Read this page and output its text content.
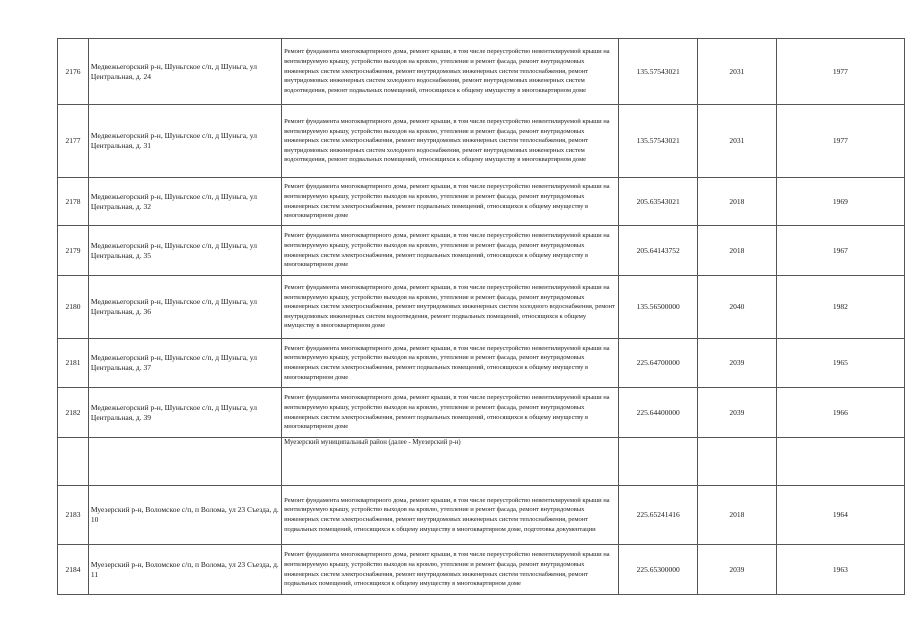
2176	Медвежьегорский р-н, Шуньгское с/п, д Шуньга, ул Центральная, д. 24	Ремонт фундамента многоквартирного дома, ремонт крыши, в том числе переустройство невентилируемой крыши на вентилируемую крышу, устройство выходов на кровлю, утепление и ремонт фасада, ремонт внутридомовых инженерных систем электроснабжения, ремонт внутридомовых инженерных систем теплоснабжения, ремонт внутридомовых инженерных систем холодного водоснабжения, ремонт внутридомовых инженерных систем водоотведения, ремонт подвальных помещений, относящихся к общему имуществу в многоквартирном доме	135.57543021	2031	1977
2177	Медвежьегорский р-н, Шуньгское с/п, д Шуньга, ул Центральная, д. 31	Ремонт фундамента многоквартирного дома, ремонт крыши, в том числе переустройство невентилируемой крыши на вентилируемую крышу, устройство выходов на кровлю, утепление и ремонт фасада, ремонт внутридомовых инженерных систем электроснабжения, ремонт внутридомовых инженерных систем теплоснабжения, ремонт внутридомовых инженерных систем холодного водоснабжения, ремонт внутридомовых инженерных систем водоотведения, ремонт подвальных помещений, относящихся к общему имуществу в многоквартирном доме	135.57543021	2031	1977
2178	Медвежьегорский р-н, Шуньгское с/п, д Шуньга, ул Центральная, д. 32	Ремонт фундамента многоквартирного дома, ремонт крыши, в том числе переустройство невентилируемой крыши на вентилируемую крышу, устройство выходов на кровлю, утепление и ремонт фасада, ремонт внутридомовых инженерных систем электроснабжения, ремонт подвальных помещений, относящихся к общему имуществу в многоквартирном доме	205.63543021	2018	1969
2179	Медвежьегорский р-н, Шуньгское с/п, д Шуньга, ул Центральная, д. 35	Ремонт фундамента многоквартирного дома, ремонт крыши, в том числе переустройство невентилируемой крыши на вентилируемую крышу, устройство выходов на кровлю, утепление и ремонт фасада, ремонт внутридомовых инженерных систем электроснабжения, ремонт подвальных помещений, относящихся к общему имуществу в многоквартирном доме	205.64143752	2018	1967
2180	Медвежьегорский р-н, Шуньгское с/п, д Шуньга, ул Центральная, д. 36	Ремонт фундамента многоквартирного дома, ремонт крыши, в том числе переустройство невентилируемой крыши на вентилируемую крышу, устройство выходов на кровлю, утепление и ремонт фасада, ремонт внутридомовых инженерных систем электроснабжения, ремонт внутридомовых инженерных систем холодного водоснабжения, ремонт внутридомовых инженерных систем водоотведения, ремонт подвальных помещений, относящихся к общему имуществу в многоквартирном доме	135.56500000	2040	1982
2181	Медвежьегорский р-н, Шуньгское с/п, д Шуньга, ул Центральная, д. 37	Ремонт фундамента многоквартирного дома, ремонт крыши, в том числе переустройство невентилируемой крыши на вентилируемую крышу, устройство выходов на кровлю, утепление и ремонт фасада, ремонт внутридомовых инженерных систем электроснабжения, ремонт подвальных помещений, относящихся к общему имуществу в многоквартирном доме	225.64700000	2039	1965
2182	Медвежьегорский р-н, Шуньгское с/п, д Шуньга, ул Центральная, д. 39	Ремонт фундамента многоквартирного дома, ремонт крыши, в том числе переустройство невентилируемой крыши на вентилируемую крышу, устройство выходов на кровлю, утепление и ремонт фасада, ремонт внутридомовых инженерных систем электроснабжения, ремонт подвальных помещений, относящихся к общему имуществу в многоквартирном доме	225.64400000	2039	1966
		Муезерский муниципальный район (далее - Муезерский р-н)			
2183	Муезерский р-н, Воломское с/п, п Волома, ул 23 Съезда, д. 10	Ремонт фундамента многоквартирного дома, ремонт крыши, в том числе переустройство невентилируемой крыши на вентилируемую крышу, устройство выходов на кровлю, утепление и ремонт фасада, ремонт внутридомовых инженерных систем электроснабжения, ремонт внутридомовых инженерных систем теплоснабжения, ремонт подвальных помещений, относящихся к общему имуществу в многоквартирном доме, подготовка документации	225.65241416	2018	1964
2184	Муезерский р-н, Воломское с/п, п Волома, ул 23 Съезда, д. 11	Ремонт фундамента многоквартирного дома, ремонт крыши, в том числе переустройство невентилируемой крыши на вентилируемую крышу, устройство выходов на кровлю, утепление и ремонт фасада, ремонт внутридомовых инженерных систем электроснабжения, ремонт внутридомовых инженерных систем теплоснабжения, ремонт подвальных помещений, относящихся к общему имуществу в многоквартирном доме	225.65300000	2039	1963
